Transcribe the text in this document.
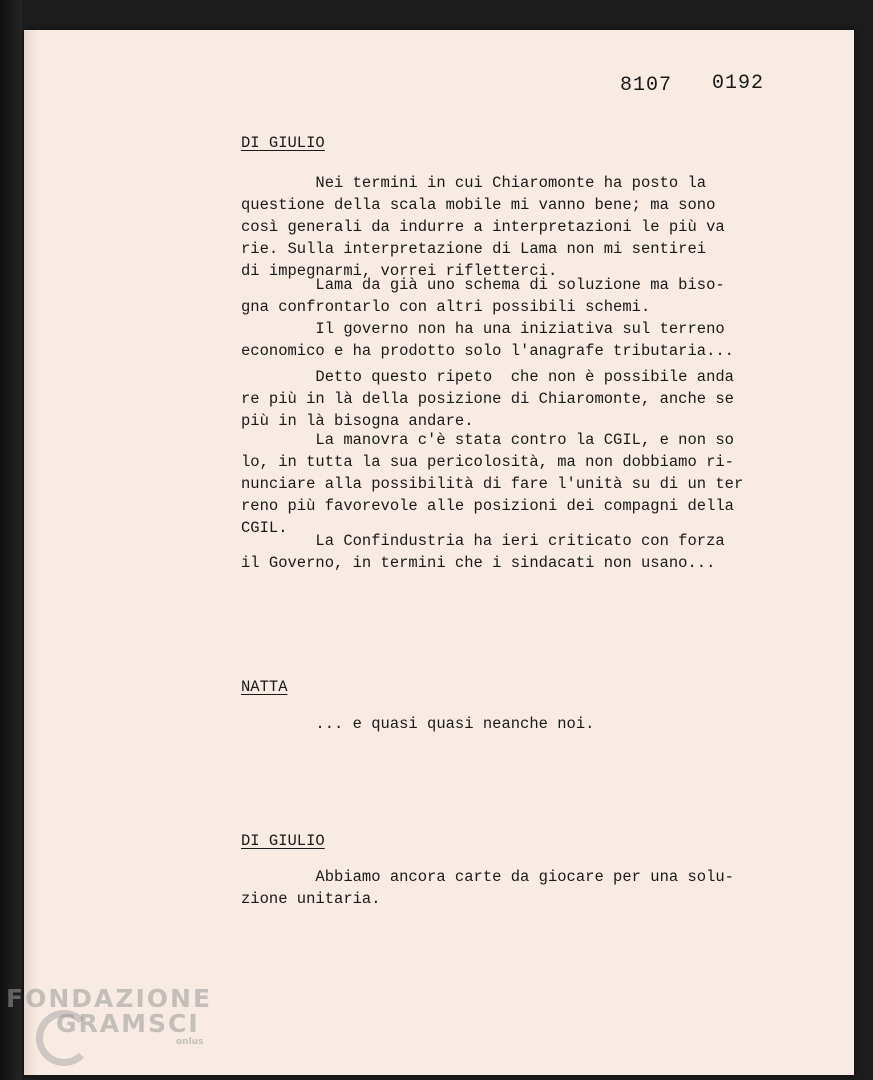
8107 0192
DI GIULIO
Nei termini in cui Chiaromonte ha posto la
questione della scala mobile mi vanno bene; ma sono
così generali da indurre a interpretazioni le più va
rie. Sulla interpretazione di Lama non mi sentirei
di impegnarmi, vorrei rifletterci.
Lama da già uno schema di soluzione ma biso-
gna confrontarlo con altri possibili schemi.
Il governo non ha una iniziativa sul terreno
economico e ha prodotto solo l'anagrafe tributaria...
Detto questo ripeto  che non è possibile anda
re più in là della posizione di Chiaromonte, anche se
più in là bisogna andare.
La manovra c'è stata contro la CGIL, e non so
lo, in tutta la sua pericolosità, ma non dobbiamo ri-
nunciare alla possibilità di fare l'unità su di un ter
reno più favorevole alle posizioni dei compagni della
CGIL.
La Confindustria ha ieri criticato con forza
il Governo, in termini che i sindacati non usano...
NATTA
... e quasi quasi neanche noi.
DI GIULIO
Abbiamo ancora carte da giocare per una solu-
zione unitaria.
FONDAZIONE
GRAMSCI
onlus
